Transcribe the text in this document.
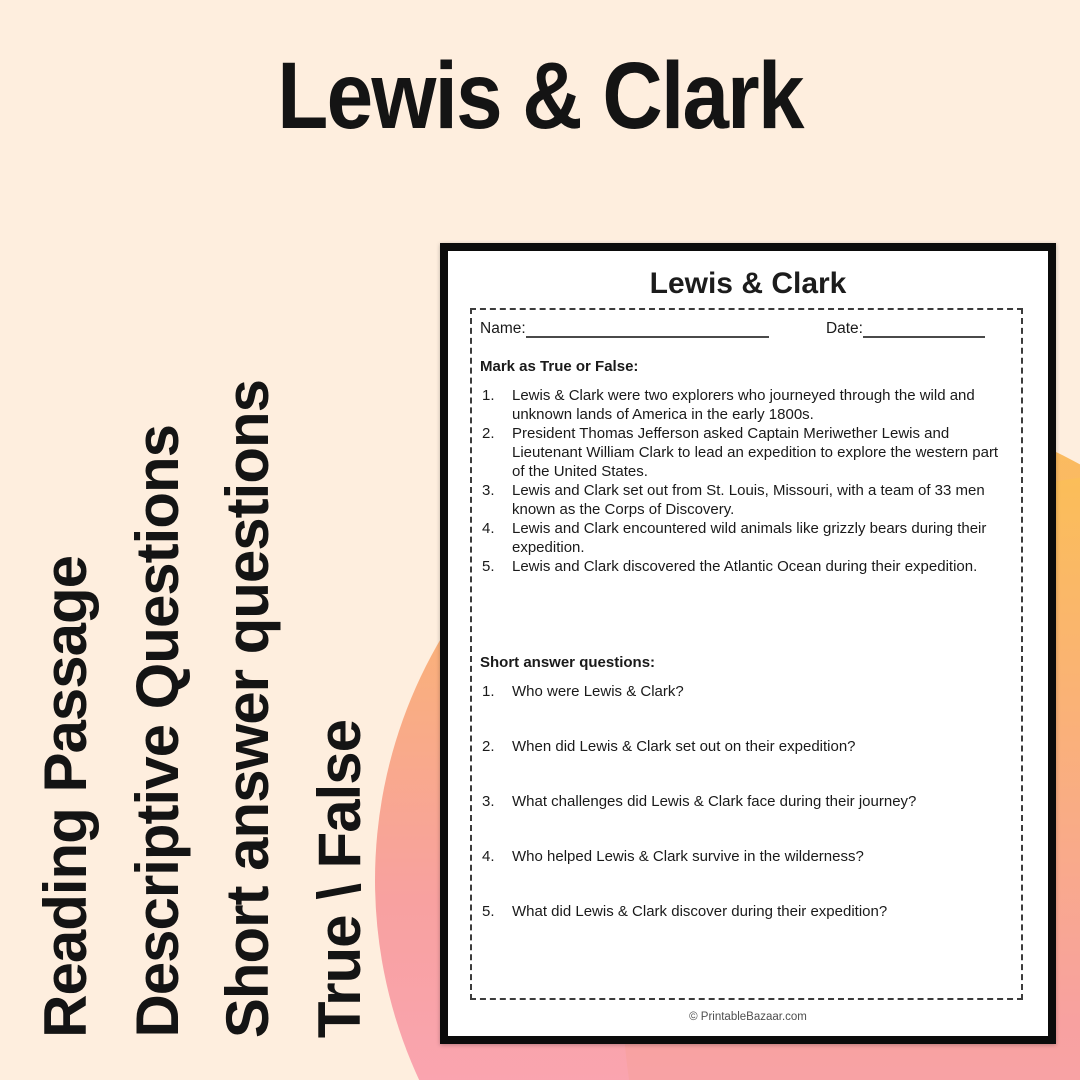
Lewis & Clark
Reading Passage Descriptive Questions Short answer questions True \ False
Lewis & Clark
Name:	Date:
Mark as True or False:
1.	Lewis & Clark were two explorers who journeyed through the wild and unknown lands of America in the early 1800s.
2.	President Thomas Jefferson asked Captain Meriwether Lewis and Lieutenant William Clark to lead an expedition to explore the western part of the United States.
3.	Lewis and Clark set out from St. Louis, Missouri, with a team of 33 men known as the Corps of Discovery.
4.	Lewis and Clark encountered wild animals like grizzly bears during their expedition.
5.	Lewis and Clark discovered the Atlantic Ocean during their expedition.
Short answer questions:
1.	Who were Lewis & Clark?
2.	When did Lewis & Clark set out on their expedition?
3.	What challenges did Lewis & Clark face during their journey?
4.	Who helped Lewis & Clark survive in the wilderness?
5.	What did Lewis & Clark discover during their expedition?
© PrintableBazaar.com
